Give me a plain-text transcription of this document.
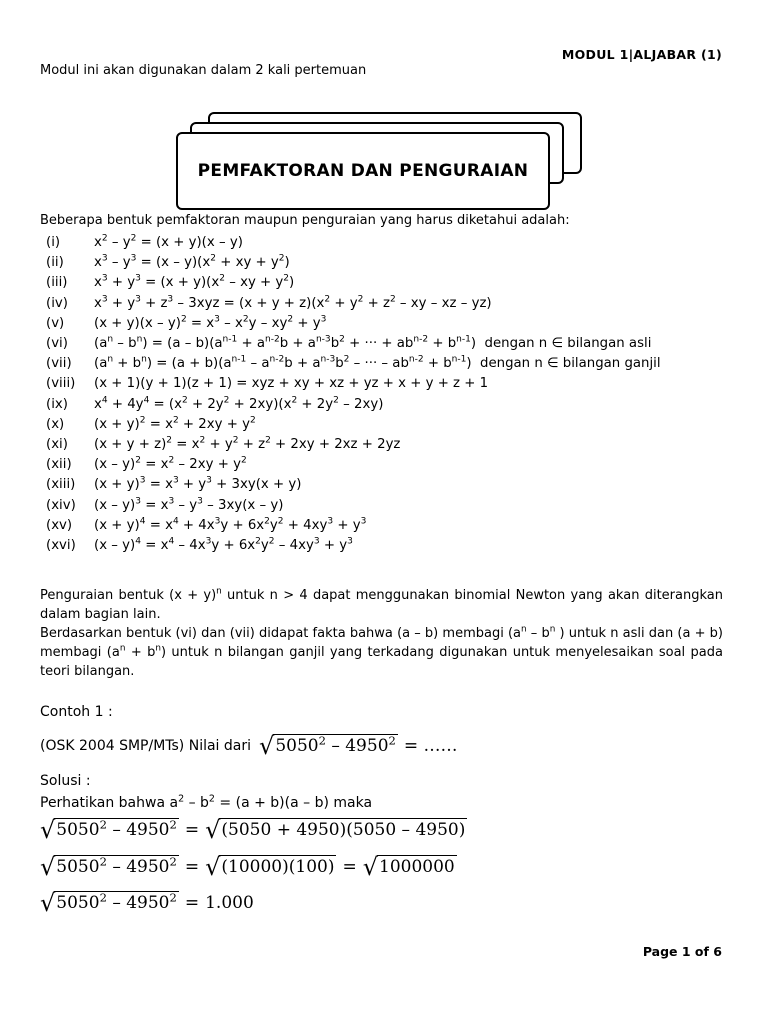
MODUL 1|ALJABAR (1)
Modul ini akan digunakan dalam 2 kali pertemuan
PEMFAKTORAN DAN PENGURAIAN
Beberapa bentuk pemfaktoran maupun penguraian yang harus diketahui adalah:
(i)	$x^2 - y^2 = (x + y)(x - y)$
(ii)	$x^3 - y^3 = (x - y)(x^2$ + xy + $y^2$)
(iii)	$x^3 + y^3 = (x + y)(x^2$ – xy + $y^2$)
(iv)	$x^3 + y^3 + z^3 - 3xyz = (x + y + z)(x^2 + y^2 + z^2$ – xy – xz – yz)
(v)	$(x + y)(x - y)^2 = x^3 - x^2y - xy^2 + y^3$
(vi)	$(a^n - b^n) = (a - b)(a^{n-1} + a^{n-2}b + a^{n-3}b^2$ + ··· + $ab^{n-2} + b^{n-1}$)  dengan n ∈ bilangan asli
(vii)	$(a^n + b^n) = (a + b)(a^{n-1} - a^{n-2}b + a^{n-3}b^2$ – ··· – $ab^{n-2} + b^{n-1}$)  dengan n ∈ bilangan ganjil
(viii)	(x + 1)(y + 1)(z + 1) = xyz + xy + xz + yz + x + y + z + 1
(ix)	$x^4 + 4y^4 = (x^2 + 2y^2 + 2xy)(x^2 + 2y^2 - 2xy)$
(x)	$(x + y)^2 = x^2 + 2xy + y^2$
(xi)	$(x + y + z)^2 = x^2 + y^2 + z^2 + 2xy + 2xz + 2yz$
(xii)	$(x - y)^2 = x^2 - 2xy + y^2$
(xiii)	$(x + y)^3 = x^3 + y^3 + 3xy(x + y)$
(xiv)	$(x - y)^3 = x^3 - y^3 - 3xy(x - y)$
(xv)	$(x + y)^4 = x^4 + 4x^3y + 6x^2y^2 + 4xy^3 + y^3$
(xvi)	$(x - y)^4 = x^4 - 4x^3y + 6x^2y^2 - 4xy^3 + y^3$
Penguraian bentuk $(x + y)^n$ untuk n > 4 dapat menggunakan binomial Newton yang akan diterangkan dalam bagian lain.
Berdasarkan bentuk (vi) dan (vii) didapat fakta bahwa (a – b) membagi ($a^n - b^n$ ) untuk n asli dan (a + b) membagi $(a^n + b^n)$ untuk n bilangan ganjil yang terkadang digunakan untuk menyelesaikan soal pada teori bilangan.
Contoh 1 :
(OSK 2004 SMP/MTs) Nilai dari √ $5050^2 - 4950^2$ = ……
Solusi :
Perhatikan bahwa $a^2 - b^2 = (a + b)(a - b)$ maka
√ $5050^2 - 4950^2$ = √ (5050 + 4950)(5050 – 4950)
√ $5050^2 - 4950^2$ = √ (10000)(100) = √ 1000000
√ $5050^2 - 4950^2 = 1.000$
Page 1 of 6
